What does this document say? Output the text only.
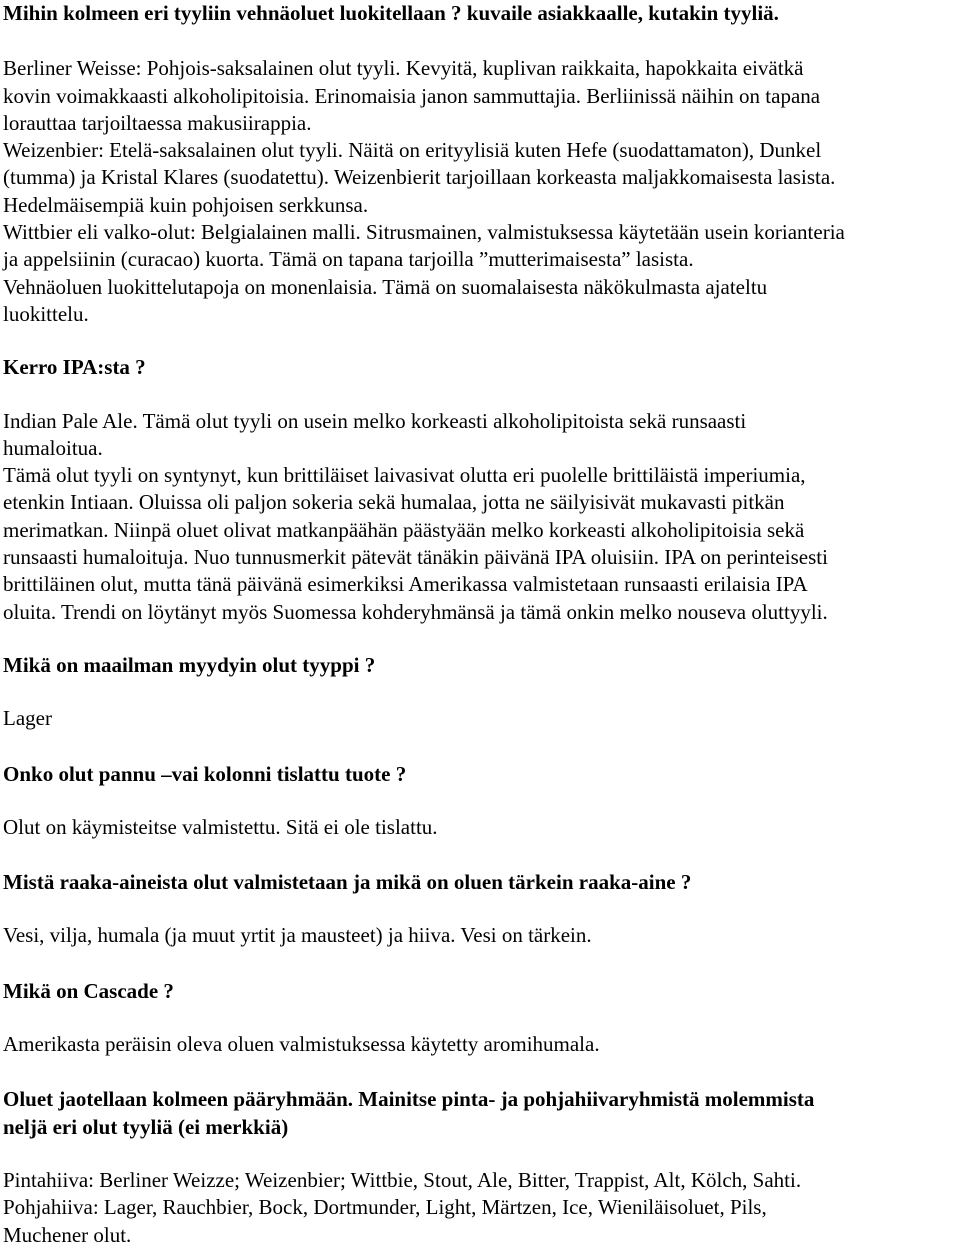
Mihin kolmeen eri tyyliin vehnäoluet luokitellaan ? kuvaile asiakkaalle, kutakin tyyliä.

Berliner Weisse: Pohjois-saksalainen olut tyyli. Kevyitä, kuplivan raikkaita, hapokkaita eivätkä

kovin voimakkaasti alkoholipitoisia. Erinomaisia janon sammuttajia. Berliinissä näihin on tapana

lorauttaa tarjoiltaessa makusiirappia.

Weizenbier: Etelä-saksalainen olut tyyli. Näitä on erityylisiä kuten Hefe (suodattamaton), Dunkel

(tumma) ja Kristal Klares (suodatettu). Weizenbierit tarjoillaan korkeasta maljakkomaisesta lasista.

Hedelmäisempiä kuin pohjoisen serkkunsa.

Wittbier eli valko-olut: Belgialainen malli. Sitrusmainen, valmistuksessa käytetään usein korianteria

ja appelsiinin (curacao) kuorta. Tämä on tapana tarjoilla ”mutterimaisesta” lasista.

Vehnäoluen luokittelutapoja on monenlaisia. Tämä on suomalaisesta näkökulmasta ajateltu

luokittelu.

Kerro IPA:sta ?

Indian Pale Ale. Tämä olut tyyli on usein melko korkeasti alkoholipitoista sekä runsaasti

humaloitua.

Tämä olut tyyli on syntynyt, kun brittiläiset laivasivat olutta eri puolelle brittiläistä imperiumia,

etenkin Intiaan. Oluissa oli paljon sokeria sekä humalaa, jotta ne säilyisivät mukavasti pitkän

merimatkan. Niinpä oluet olivat matkanpäähän päästyään melko korkeasti alkoholipitoisia sekä

runsaasti humaloituja. Nuo tunnusmerkit pätevät tänäkin päivänä IPA oluisiin. IPA on perinteisesti

brittiläinen olut, mutta tänä päivänä esimerkiksi Amerikassa valmistetaan runsaasti erilaisia IPA

oluita. Trendi on löytänyt myös Suomessa kohderyhmänsä ja tämä onkin melko nouseva oluttyyli.

Mikä on maailman myydyin olut tyyppi ?

Lager

Onko olut pannu –vai kolonni tislattu tuote ?

Olut on käymisteitse valmistettu. Sitä ei ole tislattu.

Mistä raaka-aineista olut valmistetaan ja mikä on oluen tärkein raaka-aine ?

Vesi, vilja, humala (ja muut yrtit ja mausteet) ja hiiva. Vesi on tärkein.

Mikä on Cascade ?

Amerikasta peräisin oleva oluen valmistuksessa käytetty aromihumala.

Oluet jaotellaan kolmeen pääryhmään. Mainitse pinta- ja pohjahiivaryhmistä molemmista

neljä eri olut tyyliä (ei merkkiä)

Pintahiiva: Berliner Weizze; Weizenbier; Wittbie, Stout, Ale, Bitter, Trappist, Alt, Kölch, Sahti.

Pohjahiiva: Lager, Rauchbier, Bock, Dortmunder, Light, Märtzen, Ice, Wieniläisoluet, Pils,

Muchener olut.
